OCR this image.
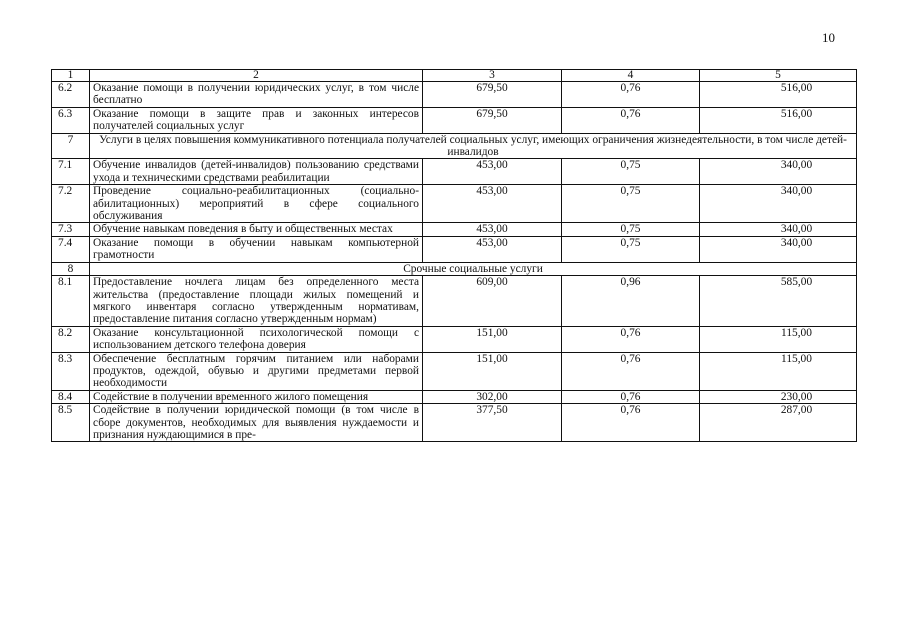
10
1	2	3	4	5
6.2	Оказание помощи в получении юридических услуг, в том числе бесплатно	679,50	0,76	516,00
6.3	Оказание помощи в защите прав и законных интересов получателей социальных услуг	679,50	0,76	516,00
7	Услуги в целях повышения коммуникативного потенциала получателей социальных услуг, имеющих ограничения жизнедеятельности, в том числе детей-инвалидов			
7.1	Обучение инвалидов (детей-инвалидов) пользованию средствами ухода и техническими средствами реабилитации	453,00	0,75	340,00
7.2	Проведение социально-реабилитационных (социально-абилитационных) мероприятий в сфере социального обслуживания	453,00	0,75	340,00
7.3	Обучение навыкам поведения в быту и общественных местах	453,00	0,75	340,00
7.4	Оказание помощи в обучении навыкам компьютерной грамотности	453,00	0,75	340,00
8	Срочные социальные услуги			
8.1	Предоставление ночлега лицам без определенного места жительства (предоставление площади жилых помещений и мягкого инвентаря согласно утвержденным нормативам, предоставление питания согласно утвержденным нормам)	609,00	0,96	585,00
8.2	Оказание консультационной психологической помощи с использованием детского телефона доверия	151,00	0,76	115,00
8.3	Обеспечение бесплатным горячим питанием или наборами продуктов, одеждой, обувью и другими предметами первой необходимости	151,00	0,76	115,00
8.4	Содействие в получении временного жилого помещения	302,00	0,76	230,00
8.5	Содействие в получении юридической помощи (в том числе в сборе документов, необходимых для выявления нуждаемости и признания нуждающимися в пре-	377,50	0,76	287,00
